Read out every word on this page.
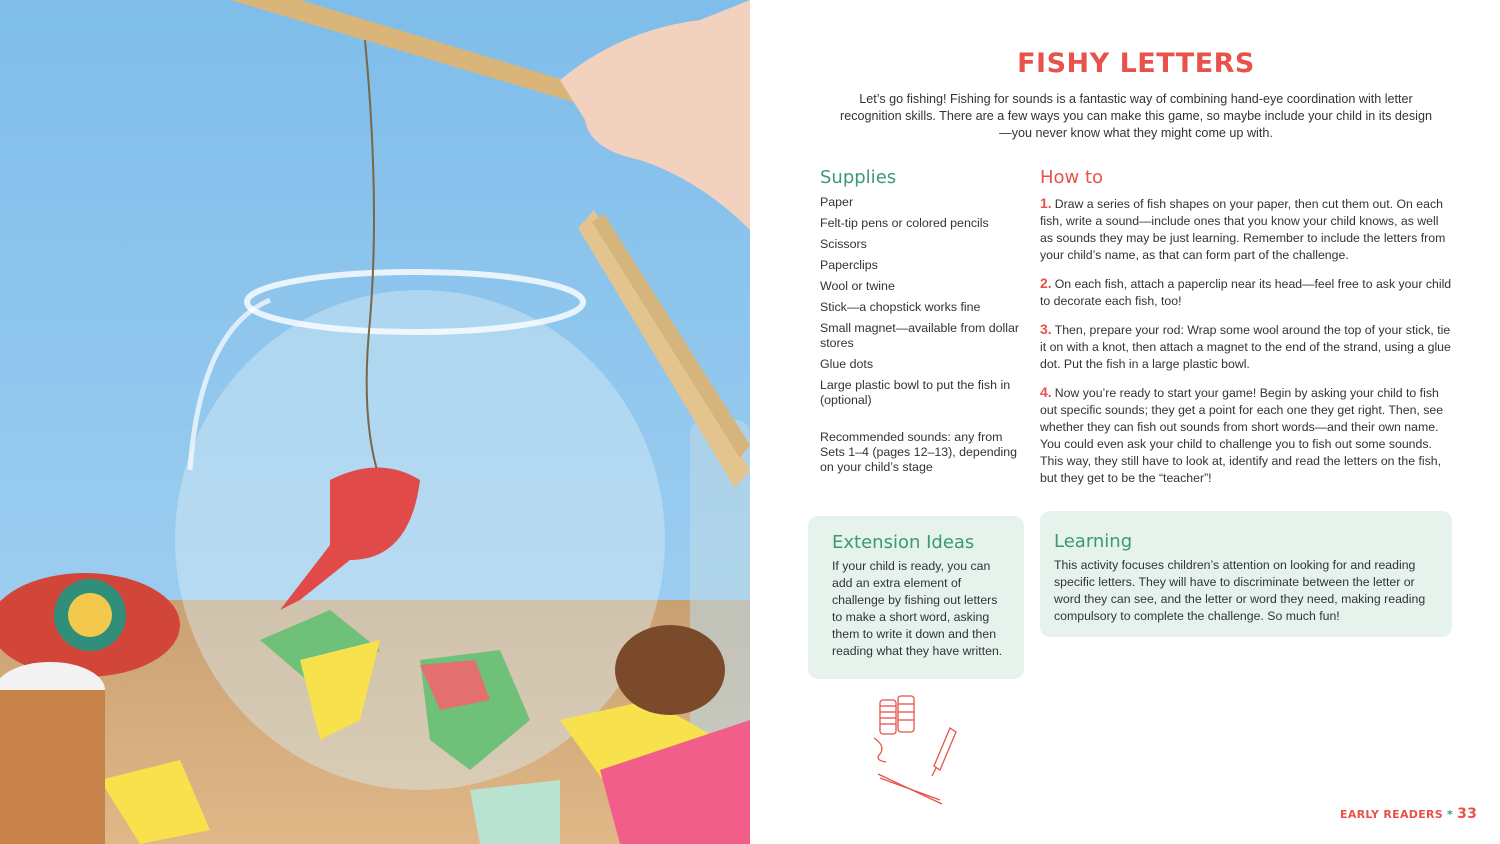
FISHY LETTERS
Let’s go fishing! Fishing for sounds is a fantastic way of combining hand-eye coordination with letter recognition skills. There are a few ways you can make this game, so maybe include your child in its design—you never know what they might come up with.
Supplies
Paper
Felt-tip pens or colored pencils
Scissors
Paperclips
Wool or twine
Stick—a chopstick works fine
Small magnet—available from dollar stores
Glue dots
Large plastic bowl to put the fish in (optional)
Recommended sounds: any from Sets 1–4 (pages 12–13), depending on your child’s stage
How to
1. Draw a series of fish shapes on your paper, then cut them out. On each fish, write a sound—include ones that you know your child knows, as well as sounds they may be just learning. Remember to include the letters from your child’s name, as that can form part of the challenge.
2. On each fish, attach a paperclip near its head—feel free to ask your child to decorate each fish, too!
3. Then, prepare your rod: Wrap some wool around the top of your stick, tie it on with a knot, then attach a magnet to the end of the strand, using a glue dot. Put the fish in a large plastic bowl.
4. Now you’re ready to start your game! Begin by asking your child to fish out specific sounds; they get a point for each one they get right. Then, see whether they can fish out sounds from short words—and their own name. You could even ask your child to challenge you to fish out some sounds. This way, they still have to look at, identify and read the letters on the fish, but they get to be the “teacher”!
Extension Ideas
If your child is ready, you can add an extra element of challenge by fishing out letters to make a short word, asking them to write it down and then reading what they have written.
Learning
This activity focuses children’s attention on looking for and reading specific letters. They will have to discriminate between the letter or word they can see, and the letter or word they need, making reading compulsory to complete the challenge. So much fun!
EARLY READERS * 33
